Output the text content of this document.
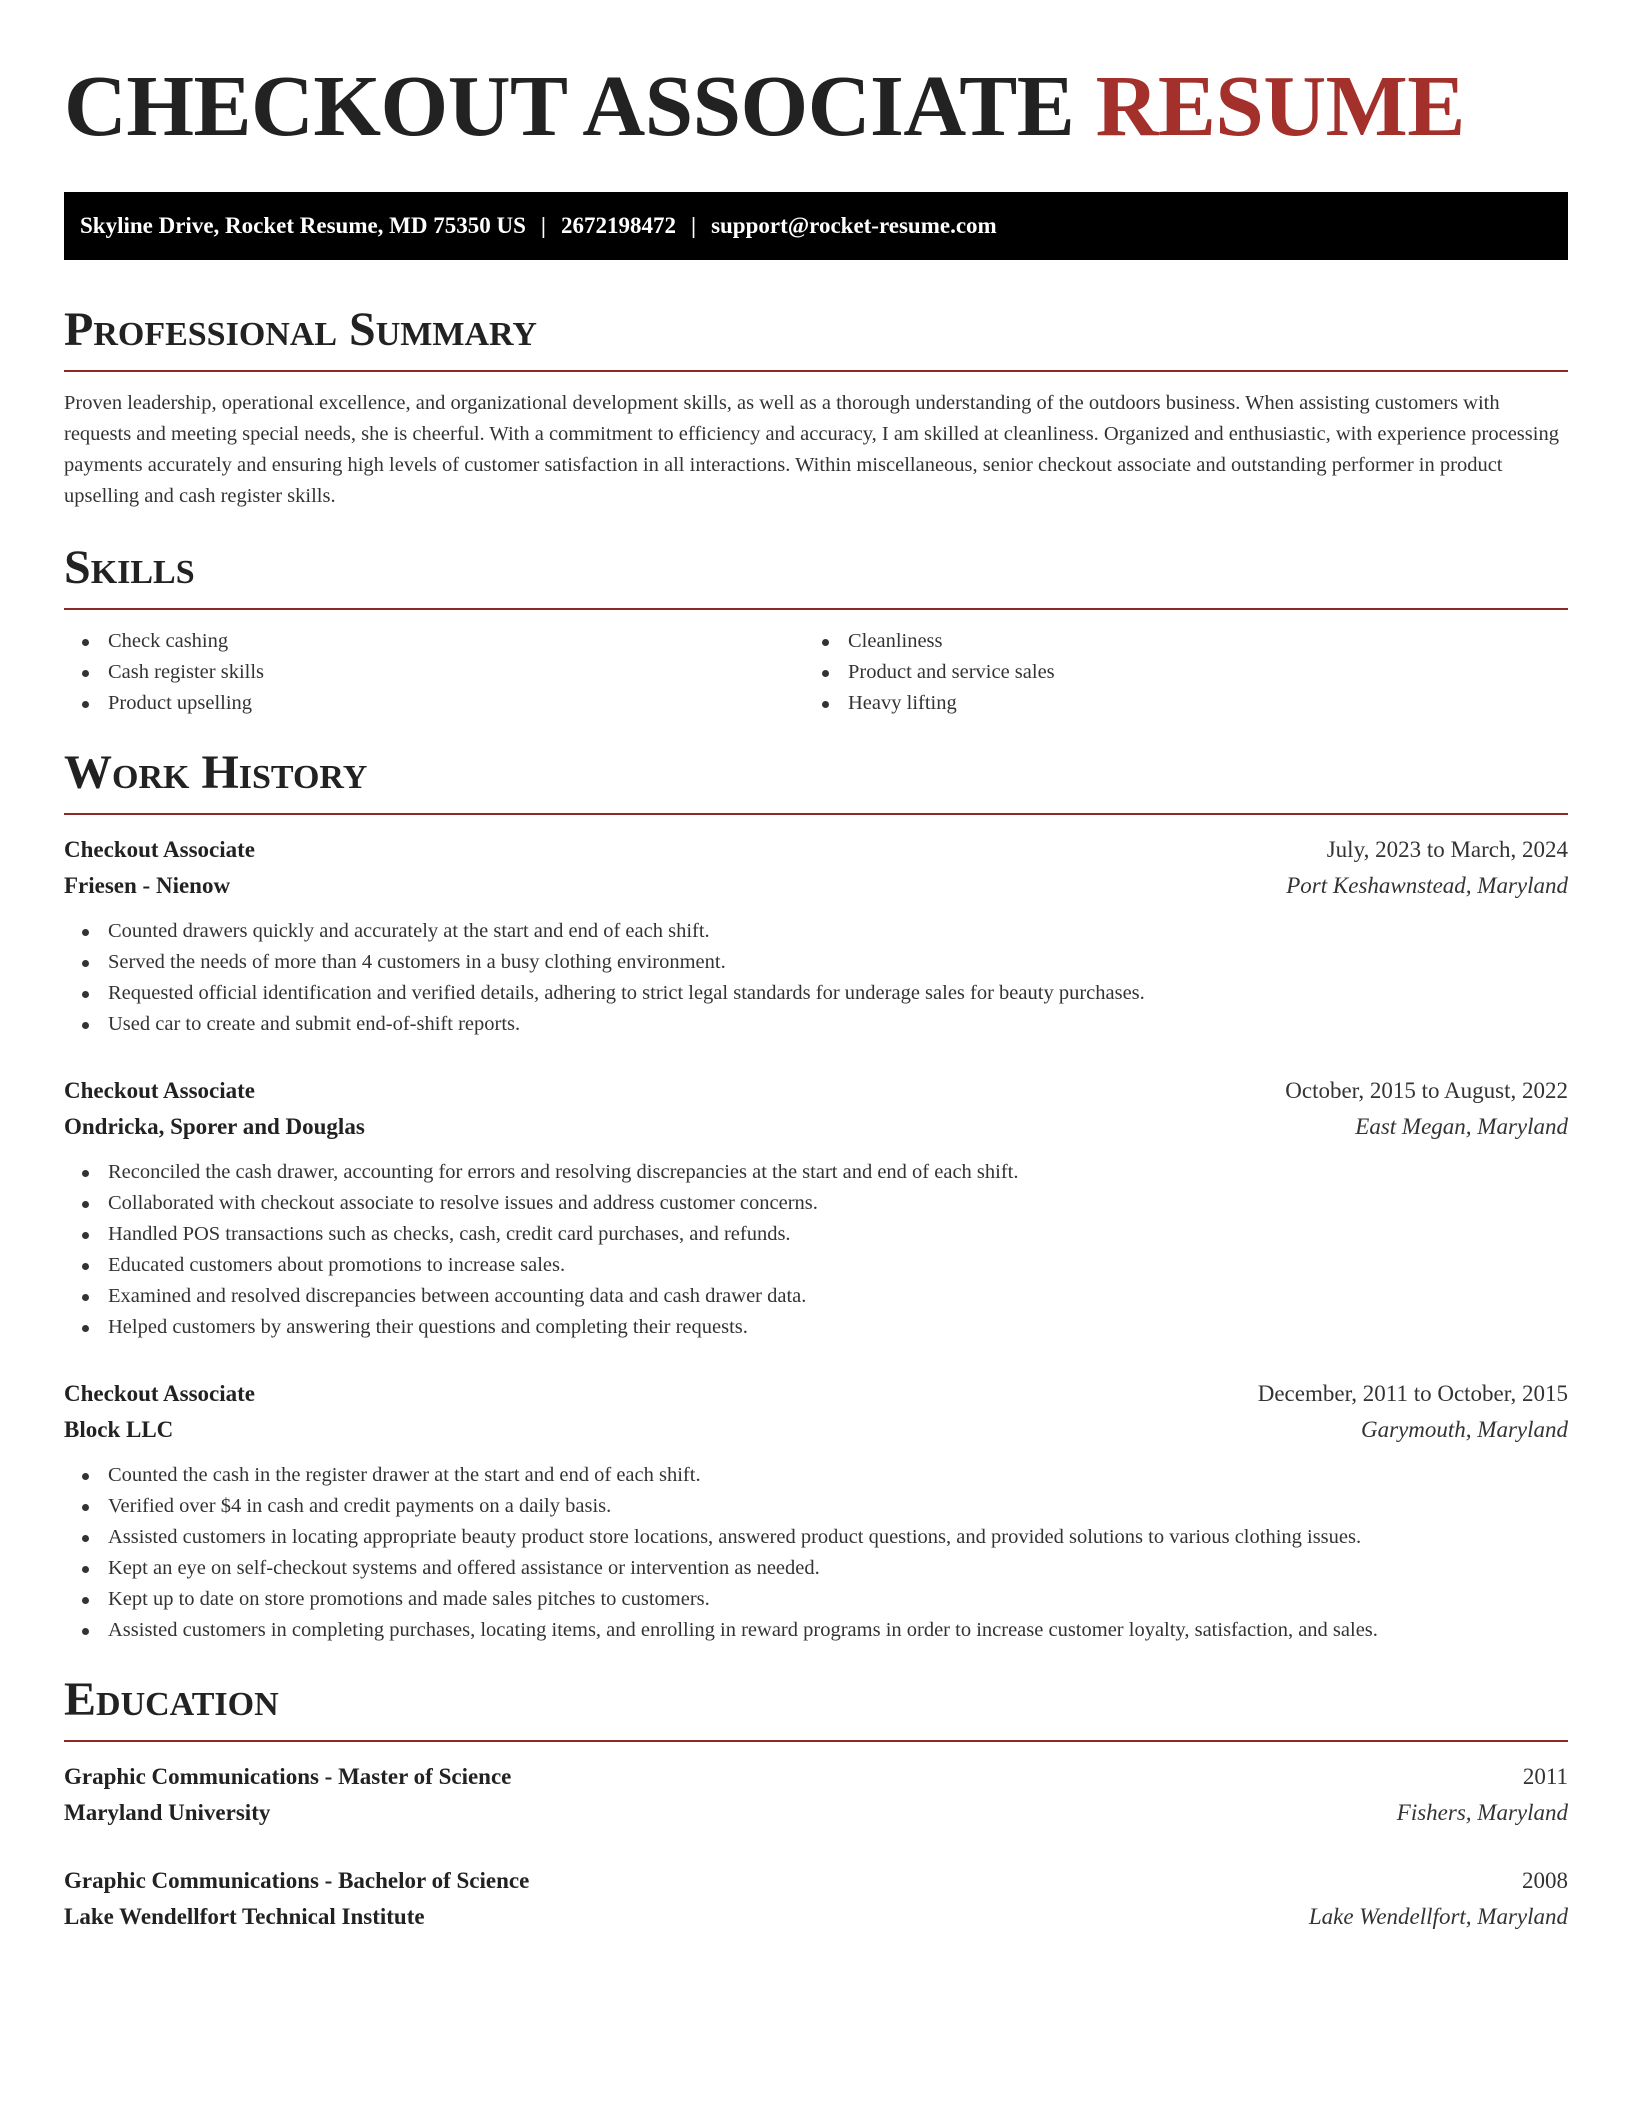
CHECKOUT ASSOCIATE RESUME
Skyline Drive, Rocket Resume, MD 75350 US | 2672198472 | support@rocket-resume.com
Professional Summary

Proven leadership, operational excellence, and organizational development skills, as well as a thorough understanding of the outdoors business. When assisting customers with requests and meeting special needs, she is cheerful. With a commitment to efficiency and accuracy, I am skilled at cleanliness. Organized and enthusiastic, with experience processing payments accurately and ensuring high levels of customer satisfaction in all interactions. Within miscellaneous, senior checkout associate and outstanding performer in product upselling and cash register skills.

Skills
Check cashing
Cash register skills
Product upselling
Cleanliness
Product and service sales
Heavy lifting
Work History
Checkout Associate	July, 2023 to March, 2024
Friesen - Nienow	Port Keshawnstead, Maryland
Counted drawers quickly and accurately at the start and end of each shift.
Served the needs of more than 4 customers in a busy clothing environment.
Requested official identification and verified details, adhering to strict legal standards for underage sales for beauty purchases.
Used car to create and submit end-of-shift reports.
Checkout Associate	October, 2015 to August, 2022
Ondricka, Sporer and Douglas	East Megan, Maryland
Reconciled the cash drawer, accounting for errors and resolving discrepancies at the start and end of each shift.
Collaborated with checkout associate to resolve issues and address customer concerns.
Handled POS transactions such as checks, cash, credit card purchases, and refunds.
Educated customers about promotions to increase sales.
Examined and resolved discrepancies between accounting data and cash drawer data.
Helped customers by answering their questions and completing their requests.
Checkout Associate	December, 2011 to October, 2015
Block LLC	Garymouth, Maryland
Counted the cash in the register drawer at the start and end of each shift.
Verified over $4 in cash and credit payments on a daily basis.
Assisted customers in locating appropriate beauty product store locations, answered product questions, and provided solutions to various clothing issues.
Kept an eye on self-checkout systems and offered assistance or intervention as needed.
Kept up to date on store promotions and made sales pitches to customers.
Assisted customers in completing purchases, locating items, and enrolling in reward programs in order to increase customer loyalty, satisfaction, and sales.
Education
Graphic Communications - Master of Science	2011
Maryland University	Fishers, Maryland
Graphic Communications - Bachelor of Science	2008
Lake Wendellfort Technical Institute	Lake Wendellfort, Maryland
